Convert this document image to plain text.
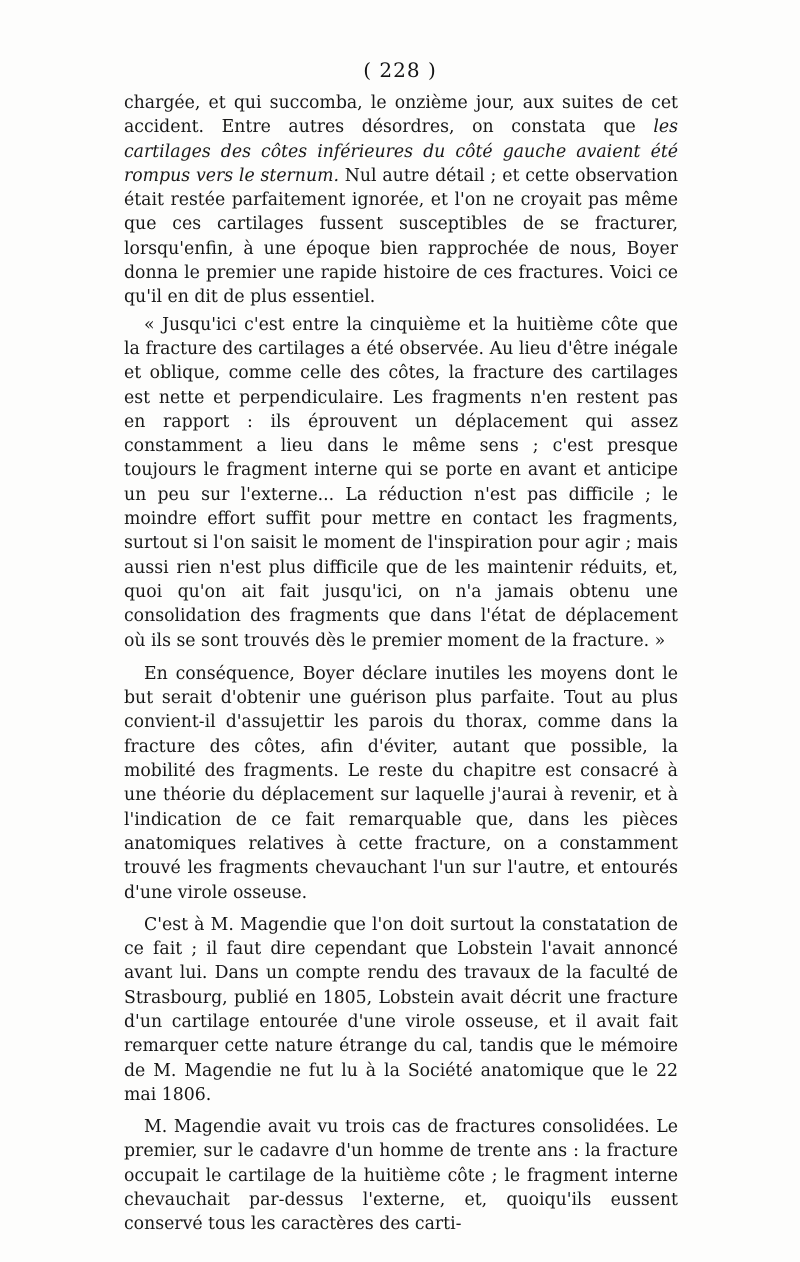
( 228 )

chargée, et qui succomba, le onzième jour, aux suites de cet accident. Entre autres désordres, on constata que les cartilages des côtes inférieures du côté gauche avaient été rompus vers le sternum. Nul autre détail ; et cette observation était restée parfaitement ignorée, et l'on ne croyait pas même que ces cartilages fussent susceptibles de se fracturer, lorsqu'enfin, à une époque bien rapprochée de nous, Boyer donna le premier une rapide histoire de ces fractures. Voici ce qu'il en dit de plus essentiel.

« Jusqu'ici c'est entre la cinquième et la huitième côte que la fracture des cartilages a été observée. Au lieu d'être inégale et oblique, comme celle des côtes, la fracture des cartilages est nette et perpendiculaire. Les fragments n'en restent pas en rapport : ils éprouvent un déplacement qui assez constamment a lieu dans le même sens ; c'est presque toujours le fragment interne qui se porte en avant et anticipe un peu sur l'externe... La réduction n'est pas difficile ; le moindre effort suffit pour mettre en contact les fragments, surtout si l'on saisit le moment de l'inspiration pour agir ; mais aussi rien n'est plus difficile que de les maintenir réduits, et, quoi qu'on ait fait jusqu'ici, on n'a jamais obtenu une consolidation des fragments que dans l'état de déplacement où ils se sont trouvés dès le premier moment de la fracture. »

En conséquence, Boyer déclare inutiles les moyens dont le but serait d'obtenir une guérison plus parfaite. Tout au plus convient-il d'assujettir les parois du thorax, comme dans la fracture des côtes, afin d'éviter, autant que possible, la mobilité des fragments. Le reste du chapitre est consacré à une théorie du déplacement sur laquelle j'aurai à revenir, et à l'indication de ce fait remarquable que, dans les pièces anatomiques relatives à cette fracture, on a constamment trouvé les fragments chevauchant l'un sur l'autre, et entourés d'une virole osseuse.

C'est à M. Magendie que l'on doit surtout la constatation de ce fait ; il faut dire cependant que Lobstein l'avait annoncé avant lui. Dans un compte rendu des travaux de la faculté de Strasbourg, publié en 1805, Lobstein avait décrit une fracture d'un cartilage entourée d'une virole osseuse, et il avait fait remarquer cette nature étrange du cal, tandis que le mémoire de M. Magendie ne fut lu à la Société anatomique que le 22 mai 1806.

M. Magendie avait vu trois cas de fractures consolidées. Le premier, sur le cadavre d'un homme de trente ans : la fracture occupait le cartilage de la huitième côte ; le fragment interne chevauchait par-dessus l'externe, et, quoiqu'ils eussent conservé tous les caractères des carti-
